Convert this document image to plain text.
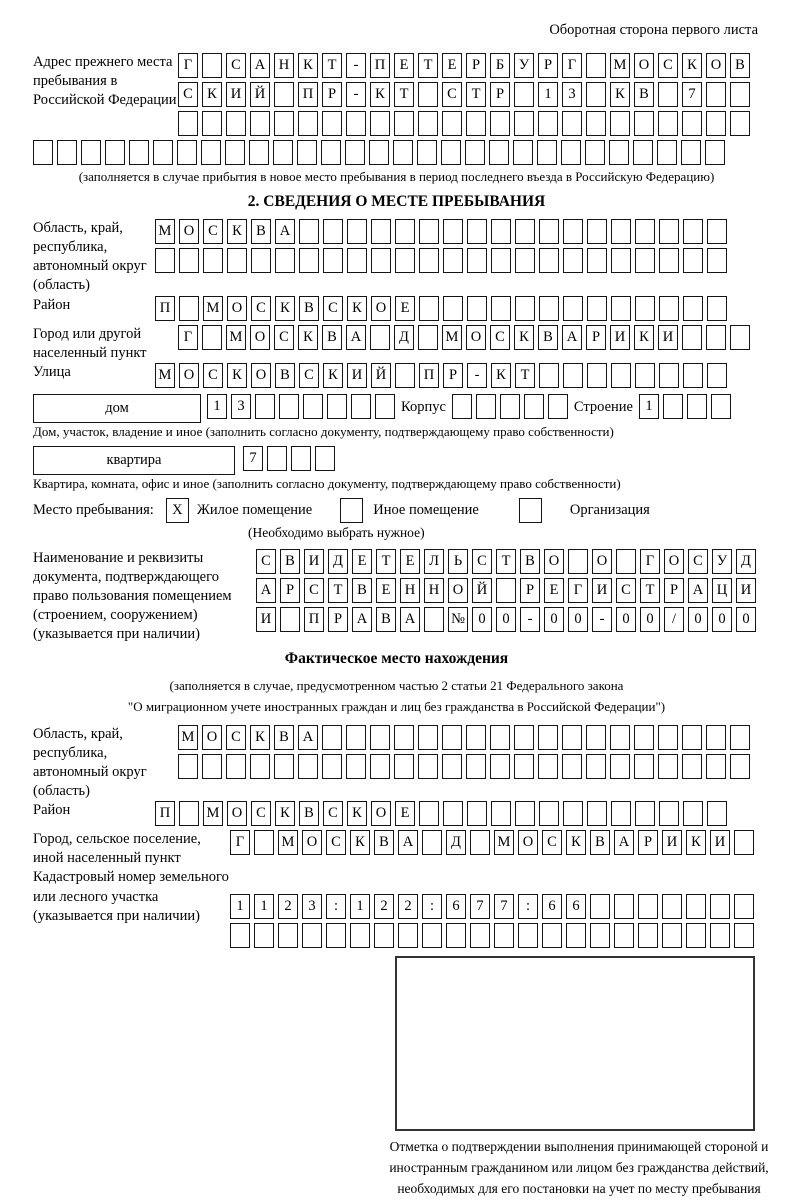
Оборотная сторона первого листа
Адрес прежнего места пребывания в Российской Федерации
Г	С А Н К	Т	-	П Е	Т	Е	Р	Б	У	Р	Г	М О С К О В
С К И Й	П	Р	-	К	Т	С	Т	Р	1	3	К В	7
(заполняется в случае прибытия в новое место пребывания в период последнего въезда в Российскую Федерацию)
2. СВЕДЕНИЯ О МЕСТЕ ПРЕБЫВАНИЯ
Область, край, республика, автономный округ (область)
М О С К В А
Район	П	М О С К В С К О Е
Город или другой населенный пункт
Г	М О С К В А	Д	М О С К В А	Р	И К И
Улица	М О С К О В С К И Й	П	Р	-	К	Т
дом	1	3	Корпус	Строение 1
Дом, участок, владение и иное (заполнить согласно документу, подтверждающему право собственности)
квартира	7
Квартира, комната, офис и иное (заполнить согласно документу, подтверждающему право собственности)
Место пребывания:	X Жилое помещение	Иное помещение	Организация
(Необходимо выбрать нужное)
Наименование и реквизиты документа, подтверждающего право пользования помещением (строением, сооружением) (указывается при наличии)
С В И Д	Е	Т	Е	Л	Ь	С	Т	В О	О	Г	О С У Д
А	Р	С	Т	В	Е Н Н О Й	Р	Е	Г	И С	Т	Р	А Ц И
И	П	Р	А В А	№ 0	0	-	0	0	-	0	0	/	0	0	0
Фактическое место нахождения
(заполняется в случае, предусмотренном частью 2 статьи 21 Федерального закона
"О миграционном учете иностранных граждан и лиц без гражданства в Российской Федерации")
Область, край, республика, автономный округ (область)
М О С К В А
Район	П	М О С К В С К О Е
Город, сельское поселение, иной населенный пункт
Г	М О С К В А	Д	М О С К В А	Р	И К И
Кадастровый номер земельного или лесного участка (указывается при наличии)
1	1	2	3	:	1	2	2	:	6	7	7	:	6	6
Отметка о подтверждении выполнения принимающей стороной и иностранным гражданином или лицом без гражданства действий, необходимых для его постановки на учет по месту пребывания
